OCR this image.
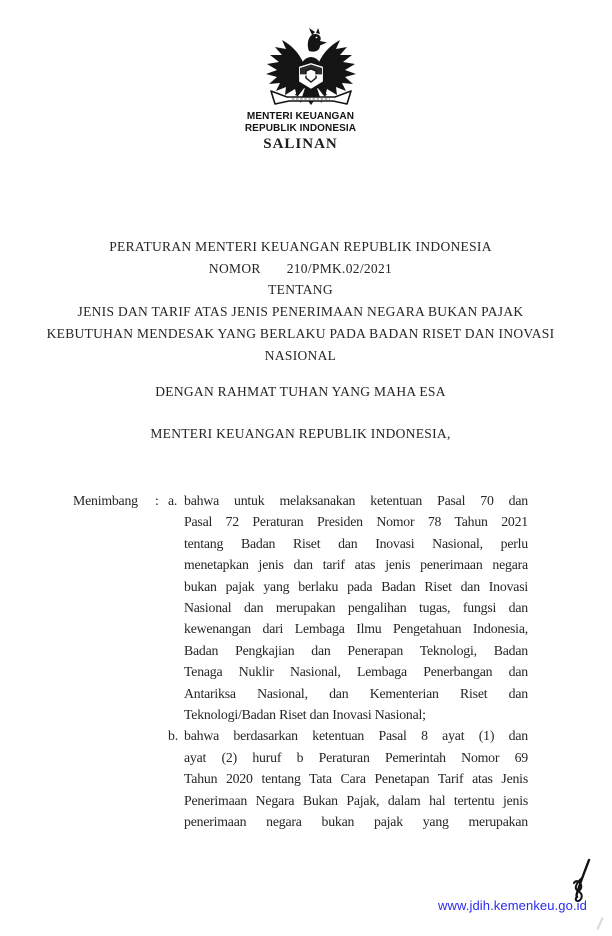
MENTERI KEUANGAN
REPUBLIK INDONESIA
SALINAN
PERATURAN MENTERI KEUANGAN REPUBLIK INDONESIA
NOMOR 210/PMK.02/2021
TENTANG
JENIS DAN TARIF ATAS JENIS PENERIMAAN NEGARA BUKAN PAJAK
KEBUTUHAN MENDESAK YANG BERLAKU PADA BADAN RISET DAN INOVASI
NASIONAL
DENGAN RAHMAT TUHAN YANG MAHA ESA
MENTERI KEUANGAN REPUBLIK INDONESIA,
Menimbang	: a. bahwa untuk melaksanakan ketentuan Pasal 70 dan
Pasal 72 Peraturan Presiden Nomor 78 Tahun 2021
tentang Badan Riset dan Inovasi Nasional, perlu
menetapkan jenis dan tarif atas jenis penerimaan negara
bukan pajak yang berlaku pada Badan Riset dan Inovasi
Nasional dan merupakan pengalihan tugas, fungsi dan
kewenangan dari Lembaga Ilmu Pengetahuan Indonesia,
Badan Pengkajian dan Penerapan Teknologi, Badan
Tenaga Nuklir Nasional, Lembaga Penerbangan dan
Antariksa Nasional, dan Kementerian Riset dan
Teknologi/Badan Riset dan Inovasi Nasional;
b. bahwa berdasarkan ketentuan Pasal 8 ayat (1) dan
ayat (2) huruf b Peraturan Pemerintah Nomor 69
Tahun 2020 tentang Tata Cara Penetapan Tarif atas Jenis
Penerimaan Negara Bukan Pajak, dalam hal tertentu jenis
penerimaan negara bukan pajak yang merupakan
www.jdih.kemenkeu.go.id
